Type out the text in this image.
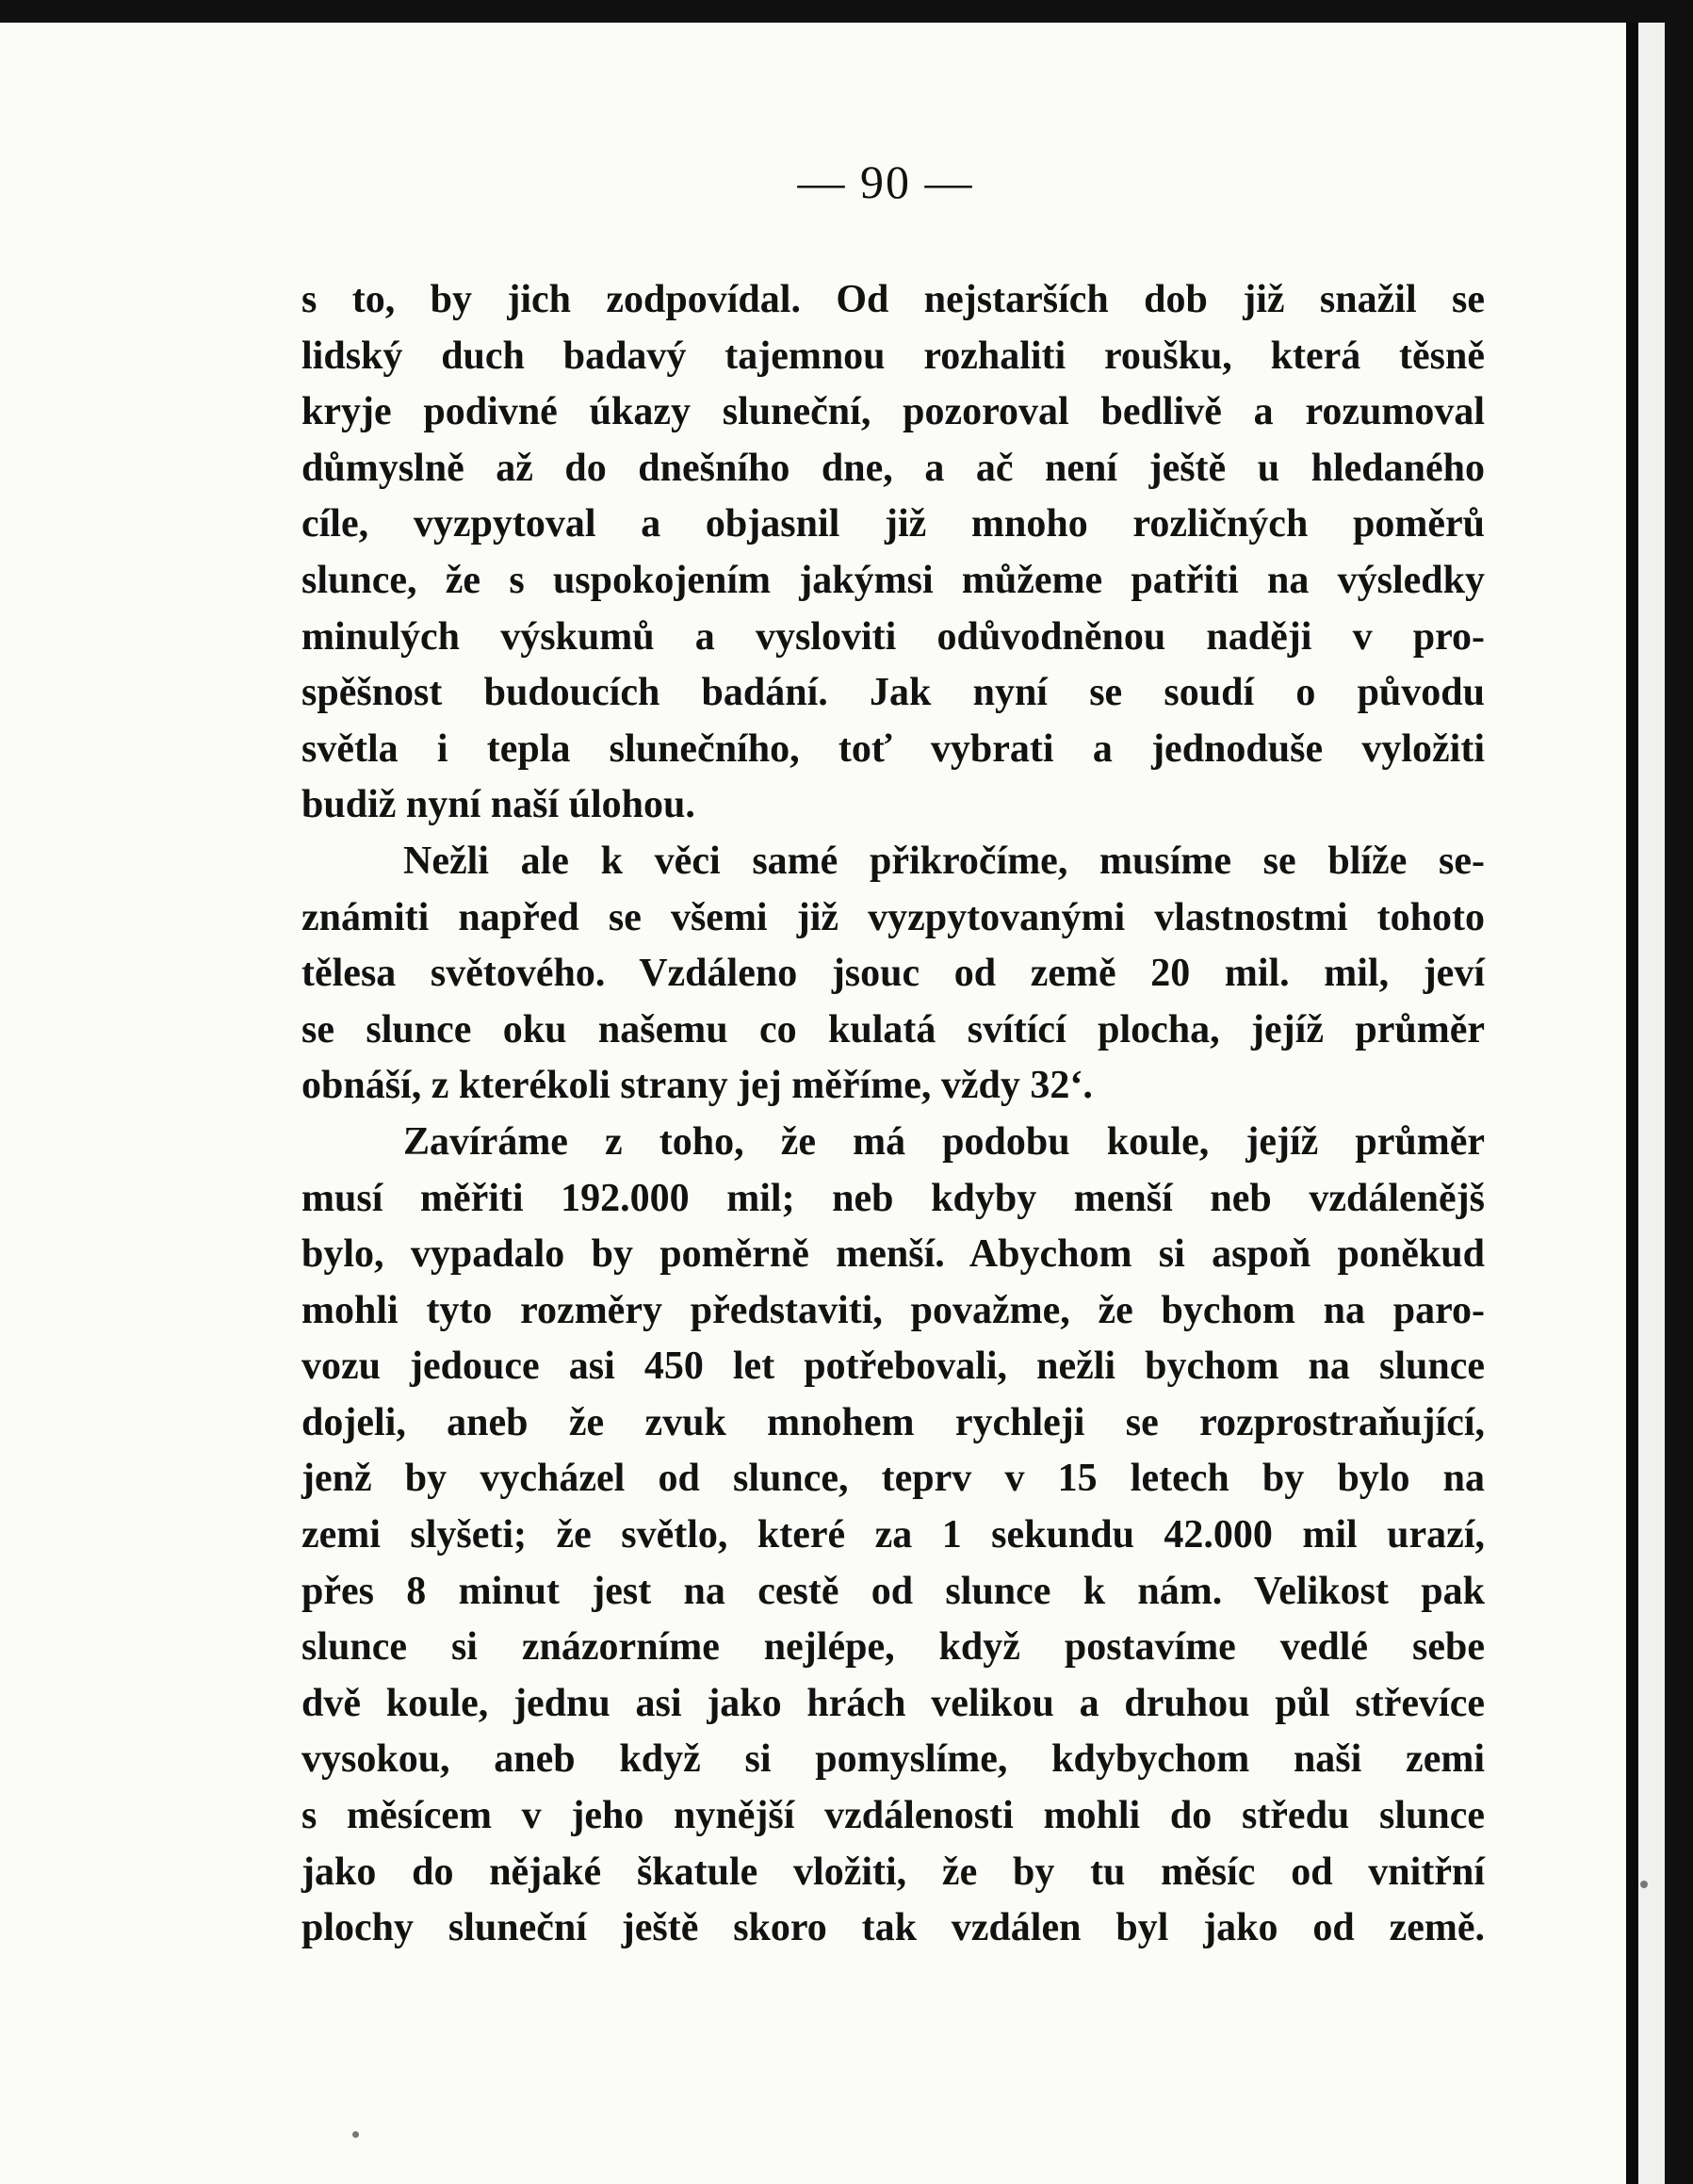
— 90 —
s to, by jich zodpovídal. Od nejstarších dob již snažil se
lidský duch badavý tajemnou rozhaliti roušku, která těsně
kryje podivné úkazy sluneční, pozoroval bedlivě a rozumoval
důmyslně až do dnešního dne, a ač není ještě u hledaného
cíle, vyzpytoval a objasnil již mnoho rozličných poměrů
slunce, že s uspokojením jakýmsi můžeme patřiti na výsledky
minulých výskumů a vysloviti odůvodněnou naději v pro-
spěšnost budoucích badání. Jak nyní se soudí o původu
světla i tepla slunečního, toť vybrati a jednoduše vyložiti
budiž nyní naší úlohou.
Nežli ale k věci samé přikročíme, musíme se blíže se-
známiti napřed se všemi již vyzpytovanými vlastnostmi tohoto
tělesa světového. Vzdáleno jsouc od země 20 mil. mil, jeví
se slunce oku našemu co kulatá svítící plocha, jejíž průměr
obnáší, z kterékoli strany jej měříme, vždy 32ʻ.
Zavíráme z toho, že má podobu koule, jejíž průměr
musí měřiti 192.000 mil; neb kdyby menší neb vzdálenějš
bylo, vypadalo by poměrně menší. Abychom si aspoň poněkud
mohli tyto rozměry představiti, považme, že bychom na paro-
vozu jedouce asi 450 let potřebovali, nežli bychom na slunce
dojeli, aneb že zvuk mnohem rychleji se rozprostraňující,
jenž by vycházel od slunce, teprv v 15 letech by bylo na
zemi slyšeti; že světlo, které za 1 sekundu 42.000 mil urazí,
přes 8 minut jest na cestě od slunce k nám. Velikost pak
slunce si znázorníme nejlépe, když postavíme vedlé sebe
dvě koule, jednu asi jako hrách velikou a druhou půl střevíce
vysokou, aneb když si pomyslíme, kdybychom naši zemi
s měsícem v jeho nynější vzdálenosti mohli do středu slunce
jako do nějaké škatule vložiti, že by tu měsíc od vnitřní
plochy sluneční ještě skoro tak vzdálen byl jako od země.
